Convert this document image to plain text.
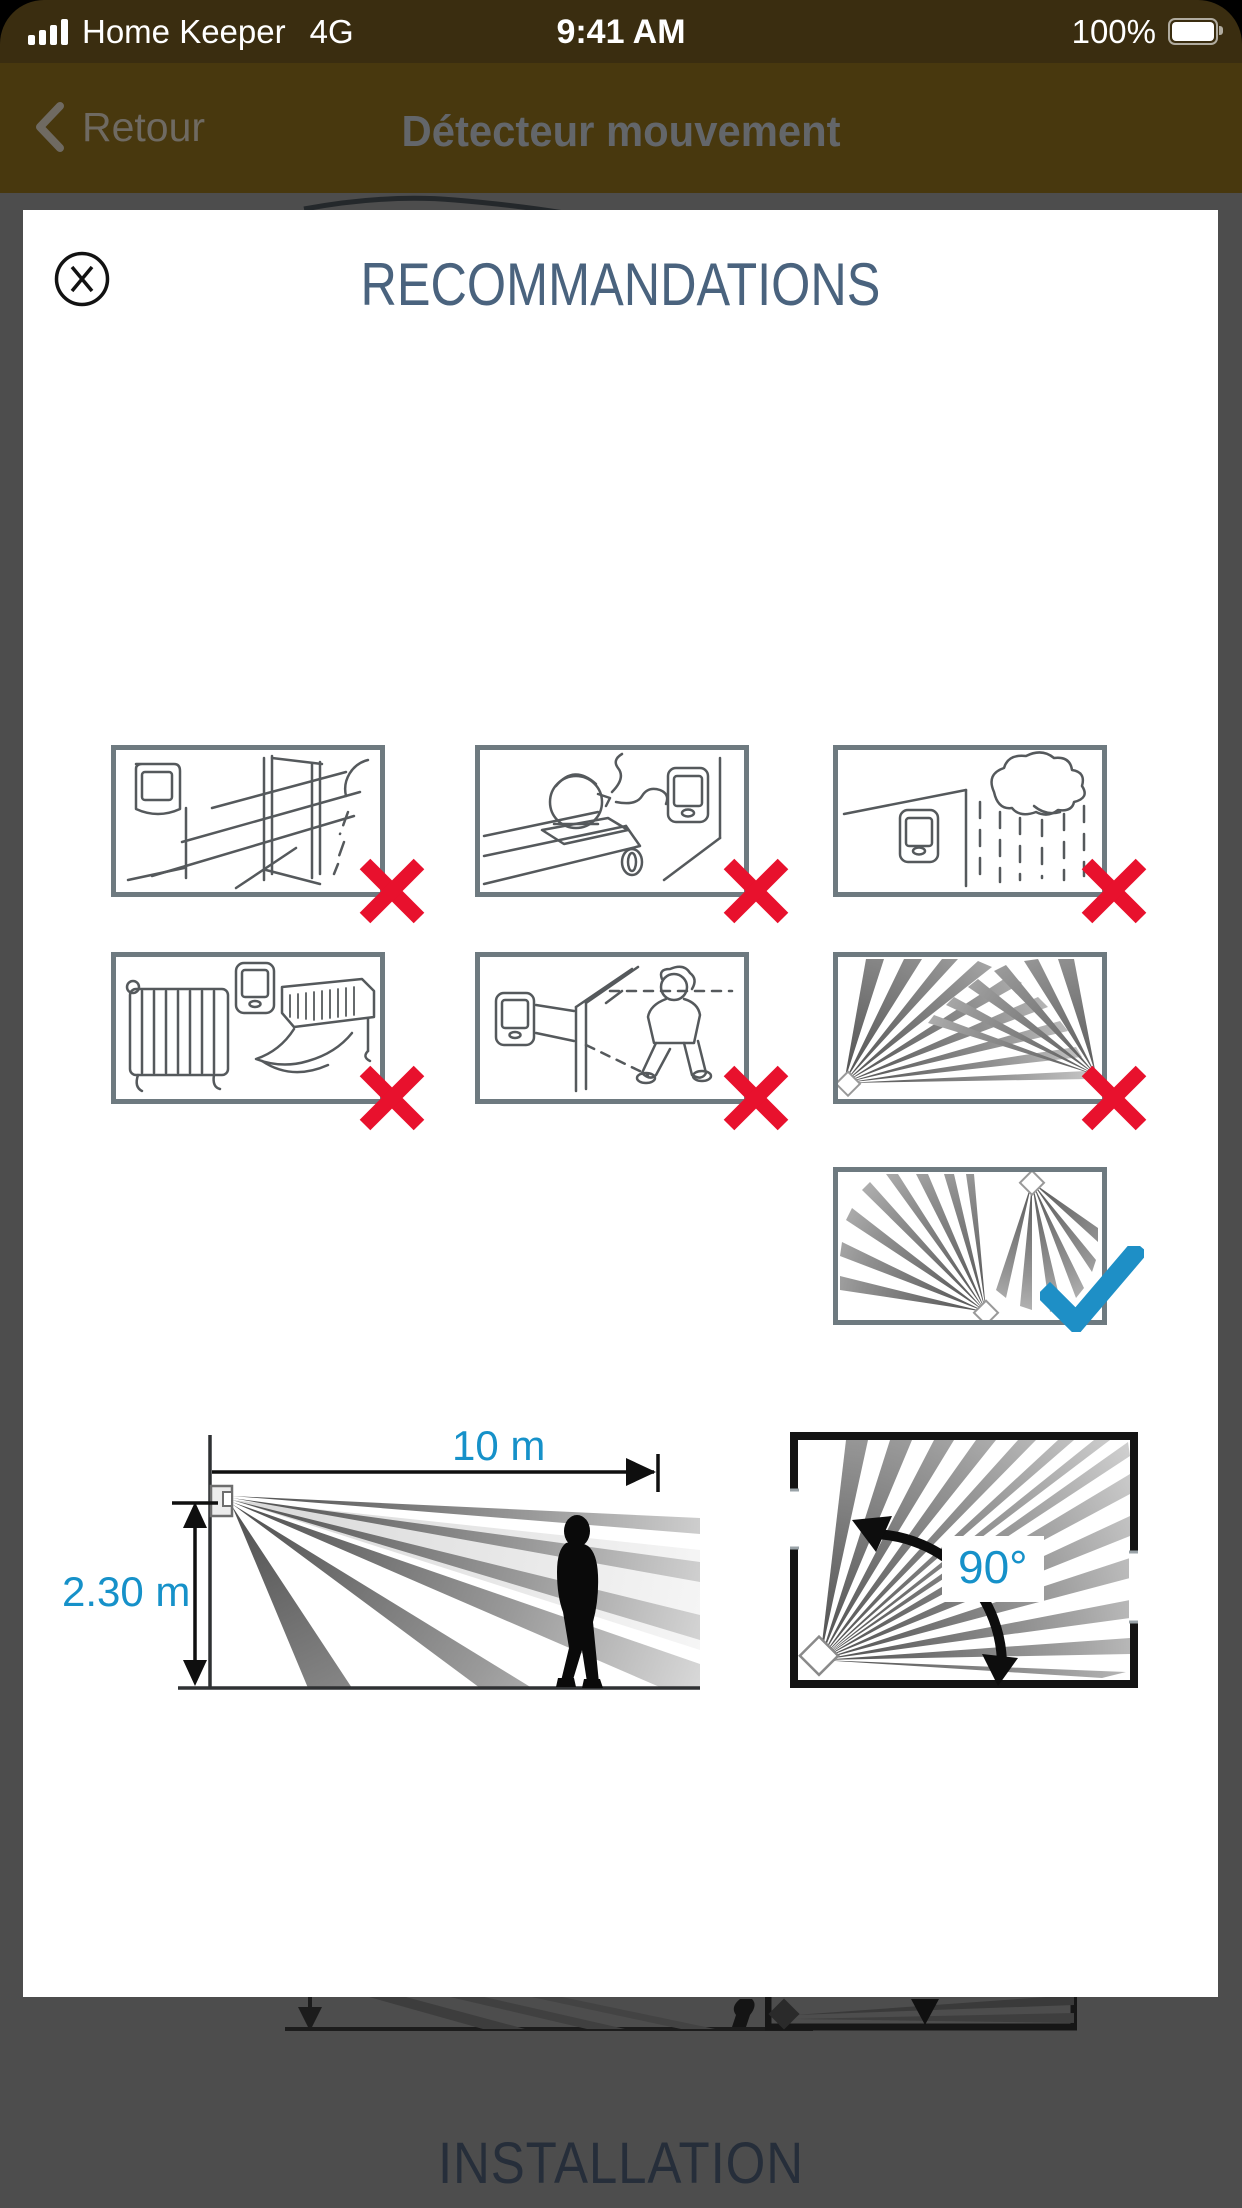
Home Keeper 4G	9:41 AM	100%
Retour	Détecteur mouvement
INSTALLATION
RECOMMANDATIONS
10 m
2.30 m	90°
